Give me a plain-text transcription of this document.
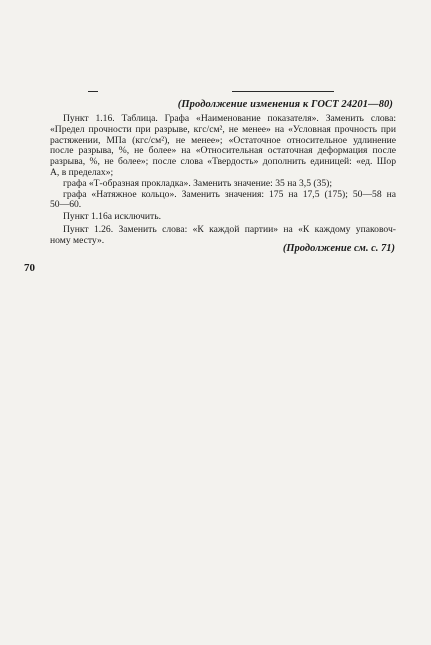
(Продолжение изменения к ГОСТ 24201—80)

Пункт 1.16. Таблица. Графа «Наименование показателя». Заменить слова:
«Предел прочности при разрыве, кгс/см², не менее» на «Условная прочность при
растяжении, МПа (кгс/см²), не менее»; «Остаточное относительное удлинение
после разрыва, %, не более» на «Относительная остаточная деформация после
разрыва, %, не более»; после слова «Твердость» дополнить единицей: «ед. Шор
А, в пределах»;

графа «Т-образная прокладка». Заменить значение: 35 на 3,5 (35);

графа «Натяжное кольцо». Заменить значения: 175 на 17,5 (175); 50—58 на
50—60.

Пункт 1.16а исключить.

Пункт 1.26. Заменить слова: «К каждой партии» на «К каждому упаковоч-
ному месту».

(Продолжение см. с. 71)
70
